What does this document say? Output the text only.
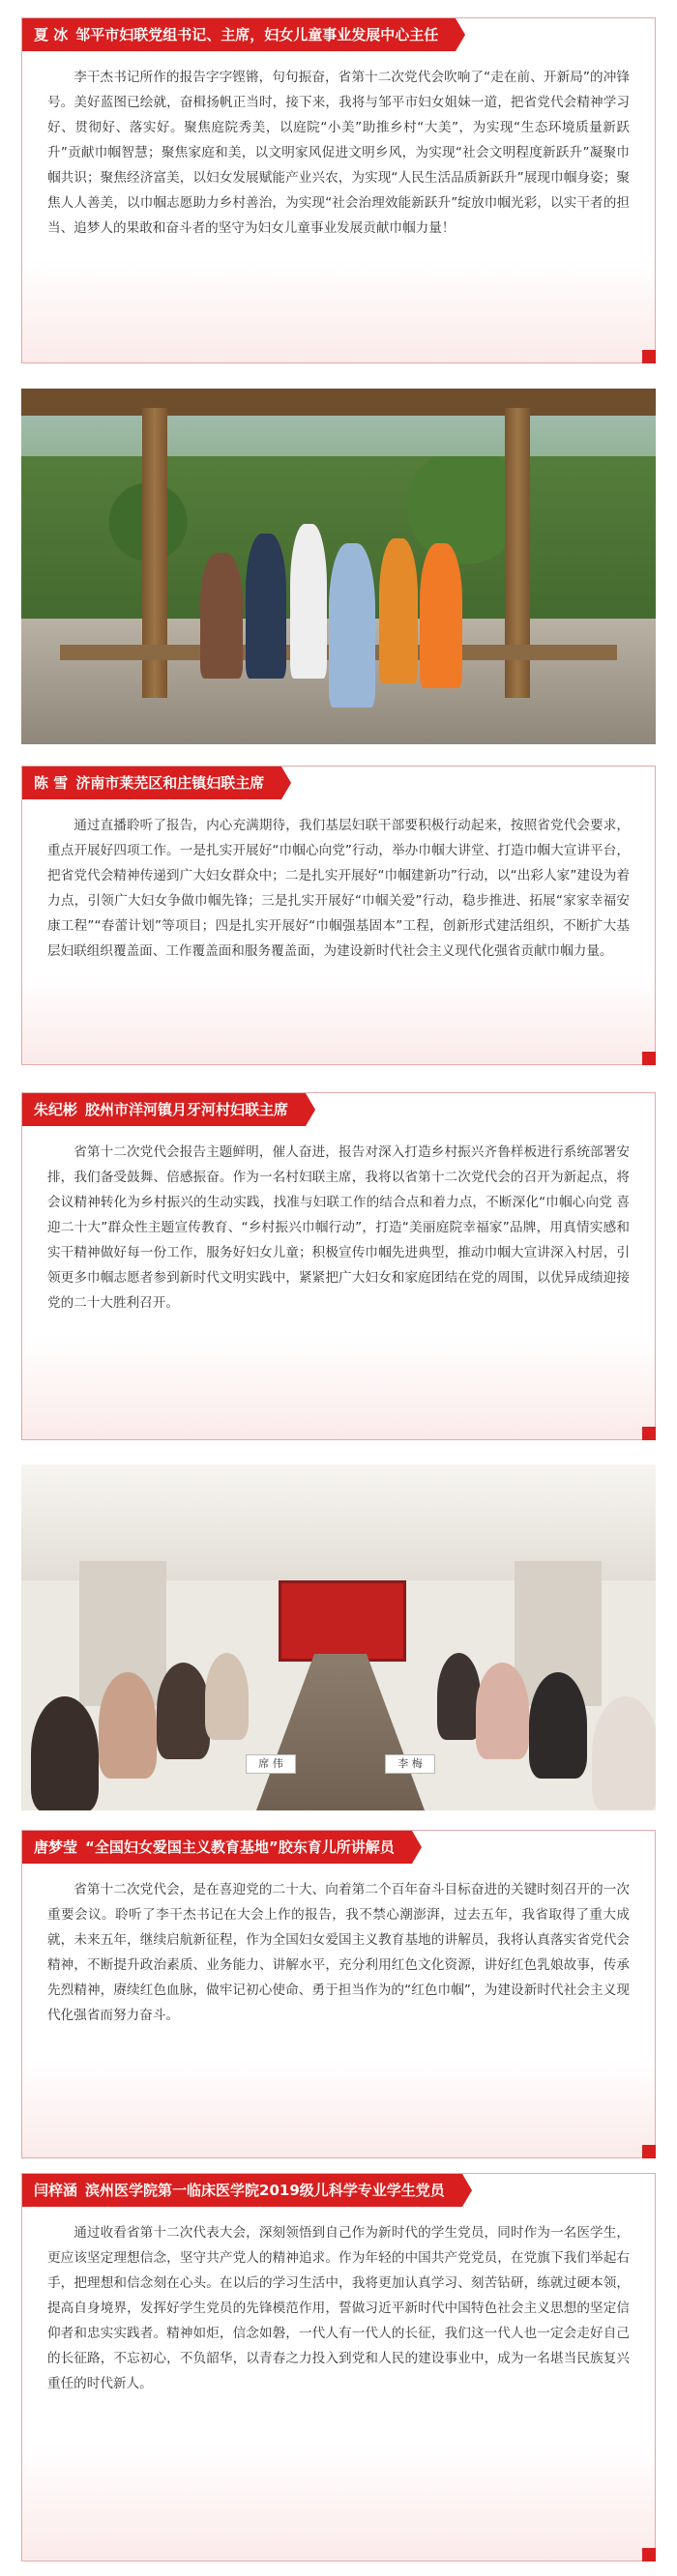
夏 冰 邹平市妇联党组书记、主席，妇女儿童事业发展中心主任
李干杰书记所作的报告字字铿锵，句句振奋，省第十二次党代会吹响了“走在前、开新局”的冲锋号。美好蓝图已绘就，奋楫扬帆正当时，接下来，我将与邹平市妇女姐妹一道，把省党代会精神学习好、贯彻好、落实好。聚焦庭院秀美，以庭院“小美”助推乡村“大美”，为实现“生态环境质量新跃升”贡献巾帼智慧；聚焦家庭和美，以文明家风促进文明乡风，为实现“社会文明程度新跃升”凝聚巾帼共识；聚焦经济富美，以妇女发展赋能产业兴农，为实现“人民生活品质新跃升”展现巾帼身姿；聚焦人人善美，以巾帼志愿助力乡村善治，为实现“社会治理效能新跃升”绽放巾帼光彩，以实干者的担当、追梦人的果敢和奋斗者的坚守为妇女儿童事业发展贡献巾帼力量！
陈 雪 济南市莱芜区和庄镇妇联主席
通过直播聆听了报告，内心充满期待，我们基层妇联干部要积极行动起来，按照省党代会要求，重点开展好四项工作。一是扎实开展好“巾帼心向党”行动，举办巾帼大讲堂、打造巾帼大宣讲平台，把省党代会精神传递到广大妇女群众中；二是扎实开展好“巾帼建新功”行动，以“出彩人家”建设为着力点，引领广大妇女争做巾帼先锋；三是扎实开展好“巾帼关爱”行动，稳步推进、拓展“家家幸福安康工程”“春蕾计划”等项目；四是扎实开展好“巾帼强基固本”工程，创新形式建活组织，不断扩大基层妇联组织覆盖面、工作覆盖面和服务覆盖面，为建设新时代社会主义现代化强省贡献巾帼力量。
朱纪彬 胶州市洋河镇月牙河村妇联主席
省第十二次党代会报告主题鲜明，催人奋进，报告对深入打造乡村振兴齐鲁样板进行系统部署安排，我们备受鼓舞、倍感振奋。作为一名村妇联主席，我将以省第十二次党代会的召开为新起点，将会议精神转化为乡村振兴的生动实践，找准与妇联工作的结合点和着力点，不断深化“巾帼心向党 喜迎二十大”群众性主题宣传教育、“乡村振兴巾帼行动”，打造“美丽庭院幸福家”品牌，用真情实感和实干精神做好每一份工作，服务好妇女儿童；积极宣传巾帼先进典型，推动巾帼大宣讲深入村居，引领更多巾帼志愿者参到新时代文明实践中，紧紧把广大妇女和家庭团结在党的周围，以优异成绩迎接党的二十大胜利召开。
席 伟	李 梅
唐梦莹 “全国妇女爱国主义教育基地”胶东育儿所讲解员
省第十二次党代会，是在喜迎党的二十大、向着第二个百年奋斗目标奋进的关键时刻召开的一次重要会议。聆听了李干杰书记在大会上作的报告，我不禁心潮澎湃，过去五年，我省取得了重大成就，未来五年，继续启航新征程，作为全国妇女爱国主义教育基地的讲解员，我将认真落实省党代会精神，不断提升政治素质、业务能力、讲解水平，充分利用红色文化资源，讲好红色乳娘故事，传承先烈精神，赓续红色血脉，做牢记初心使命、勇于担当作为的“红色巾帼”，为建设新时代社会主义现代化强省而努力奋斗。
闫梓涵 滨州医学院第一临床医学院2019级儿科学专业学生党员
通过收看省第十二次代表大会，深刻领悟到自己作为新时代的学生党员，同时作为一名医学生，更应该坚定理想信念，坚守共产党人的精神追求。作为年轻的中国共产党党员，在党旗下我们举起右手，把理想和信念刻在心头。在以后的学习生活中，我将更加认真学习、刻苦钻研，练就过硬本领，提高自身境界，发挥好学生党员的先锋模范作用，誓做习近平新时代中国特色社会主义思想的坚定信仰者和忠实实践者。精神如炬，信念如磐，一代人有一代人的长征，我们这一代人也一定会走好自己的长征路，不忘初心，不负韶华，以青春之力投入到党和人民的建设事业中，成为一名堪当民族复兴重任的时代新人。
